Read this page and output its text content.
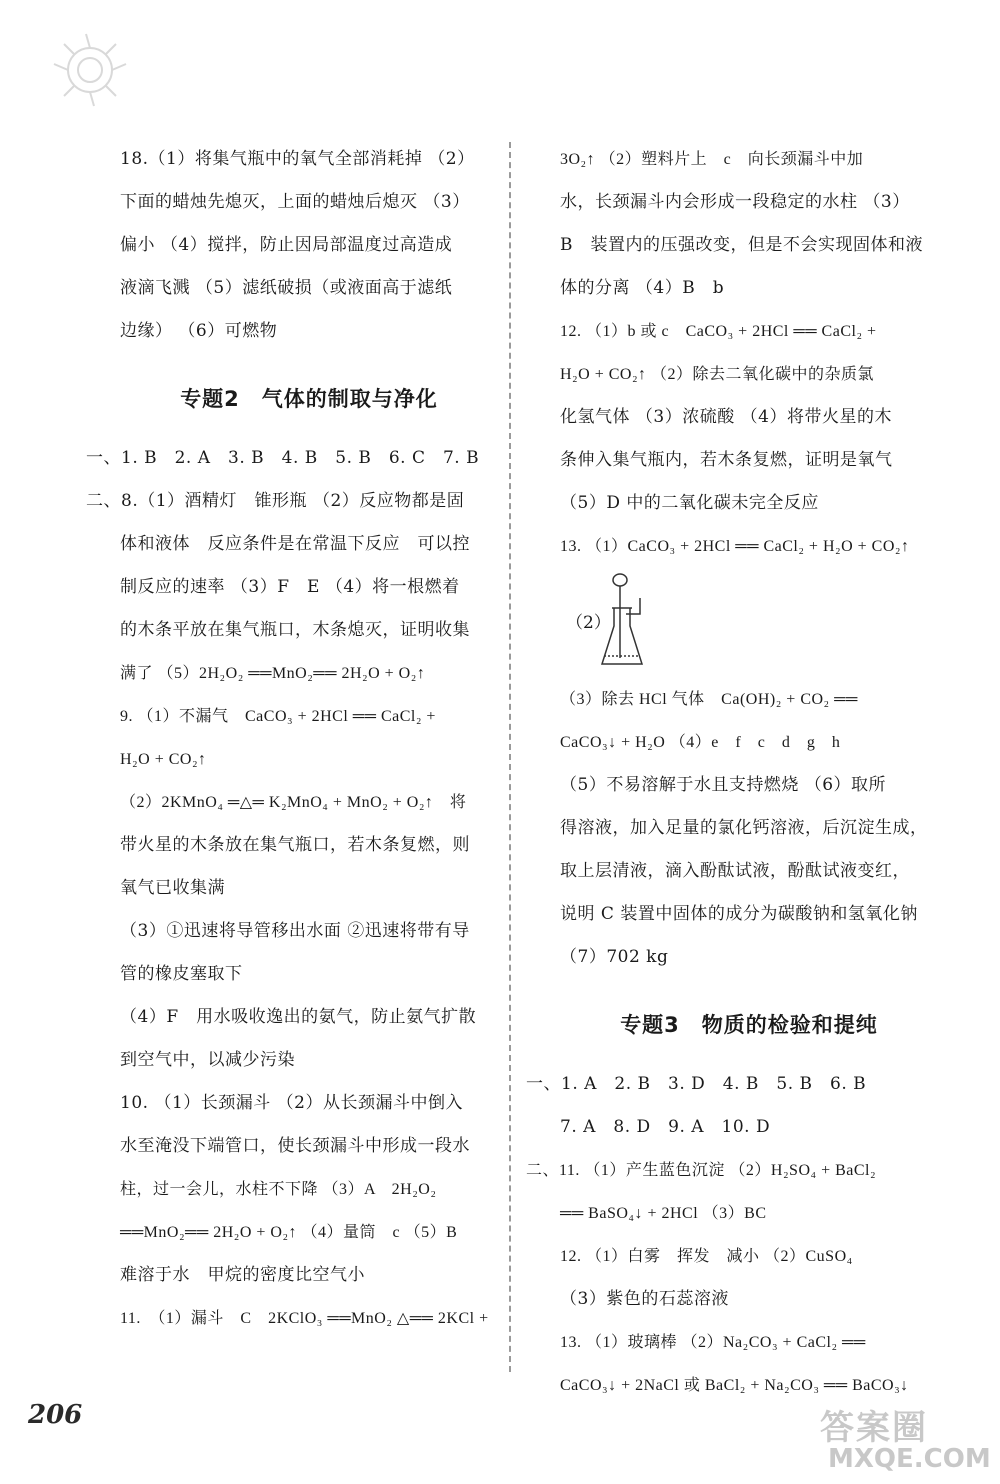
18.（1）将集气瓶中的氧气全部消耗掉 （2）
下面的蜡烛先熄灭，上面的蜡烛后熄灭 （3）
偏小 （4）搅拌，防止因局部温度过高造成
液滴飞溅 （5）滤纸破损（或液面高于滤纸
边缘） （6）可燃物
专题2　气体的制取与净化
一、1. B　2. A　3. B　4. B　5. B　6. C　7. B
二、8.（1）酒精灯　锥形瓶 （2）反应物都是固
体和液体　反应条件是在常温下反应　可以控
制反应的速率 （3）F　E （4）将一根燃着
的木条平放在集气瓶口，木条熄灭，证明收集
满了 （5）2H₂O₂ ══MnO₂══ 2H₂O + O₂↑
9. （1）不漏气　CaCO₃ + 2HCl ══ CaCl₂ +
H₂O + CO₂↑
（2）2KMnO₄ ═△═ K₂MnO₄ + MnO₂ + O₂↑　将
带火星的木条放在集气瓶口，若木条复燃，则
氧气已收集满
（3）①迅速将导管移出水面 ②迅速将带有导
管的橡皮塞取下
（4）F　用水吸收逸出的氨气，防止氨气扩散
到空气中，以减少污染
10. （1）长颈漏斗 （2）从长颈漏斗中倒入
水至淹没下端管口，使长颈漏斗中形成一段水
柱，过一会儿，水柱不下降 （3）A　2H₂O₂
══MnO₂══ 2H₂O + O₂↑ （4）量筒　c （5）B
难溶于水　甲烷的密度比空气小
11.　（1）漏斗　C　2KClO₃ ══MnO₂ △══ 2KCl +
3O₂↑ （2）塑料片上　c　向长颈漏斗中加
水，长颈漏斗内会形成一段稳定的水柱 （3）
B　装置内的压强改变，但是不会实现固体和液
体的分离 （4）B　b
12. （1）b 或 c　CaCO₃ + 2HCl ══ CaCl₂ +
H₂O + CO₂↑ （2）除去二氧化碳中的杂质氯
化氢气体 （3）浓硫酸 （4）将带火星的木
条伸入集气瓶内，若木条复燃，证明是氧气
（5）D 中的二氧化碳未完全反应
13. （1）CaCO₃ + 2HCl ══ CaCl₂ + H₂O + CO₂↑
（2）
（3）除去 HCl 气体　Ca(OH)₂ + CO₂ ══
CaCO₃↓ + H₂O （4）e　f　c　d　g　h
（5）不易溶解于水且支持燃烧 （6）取所
得溶液，加入足量的氯化钙溶液，后沉淀生成，
取上层清液，滴入酚酞试液，酚酞试液变红，
说明 C 装置中固体的成分为碳酸钠和氢氧化钠
（7）702 kg
专题3　物质的检验和提纯
一、1. A　2. B　3. D　4. B　5. B　6. B
7. A　8. D　9. A　10. D
二、11. （1）产生蓝色沉淀 （2）H₂SO₄ + BaCl₂
══ BaSO₄↓ + 2HCl （3）BC
12. （1）白雾　挥发　减小 （2）CuSO₄
（3）紫色的石蕊溶液
13. （1）玻璃棒 （2）Na₂CO₃ + CaCl₂ ══
CaCO₃↓ + 2NaCl 或 BaCl₂ + Na₂CO₃ ══ BaCO₃↓
206	答案圈
MXQE.COM
